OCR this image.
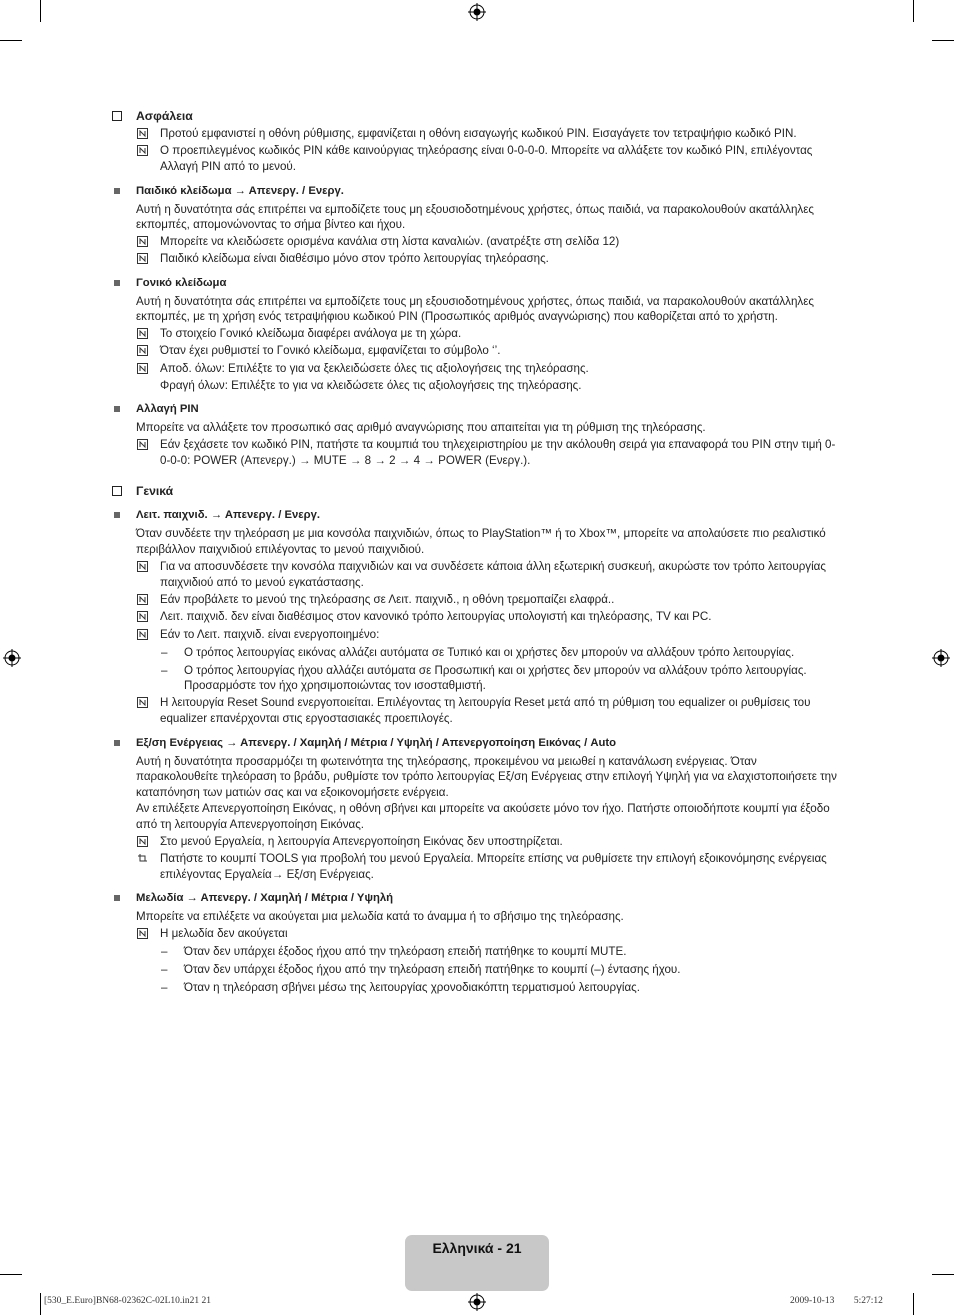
Ασφάλεια
Προτού εμφανιστεί η οθόνη ρύθμισης, εμφανίζεται η οθόνη εισαγωγής κωδικού PIN. Εισαγάγετε τον τετραψήφιο κωδικό PIN.
Ο προεπιλεγμένος κωδικός PIN κάθε καινούργιας τηλεόρασης είναι 0-0-0-0. Μπορείτε να αλλάξετε τον κωδικό PIN, επιλέγοντας Αλλαγή PIN από το μενού.
Παιδικό κλείδωμα → Απενεργ. / Ενεργ.
Αυτή η δυνατότητα σάς επιτρέπει να εμποδίζετε τους μη εξουσιοδοτημένους χρήστες, όπως παιδιά, να παρακολουθούν ακατάλληλες εκπομπές, απομονώνοντας το σήμα βίντεο και ήχου.
Μπορείτε να κλειδώσετε ορισμένα κανάλια στη λίστα καναλιών. (ανατρέξτε στη σελίδα 12)
Παιδικό κλείδωμα είναι διαθέσιμο μόνο στον τρόπο λειτουργίας τηλεόρασης.
Γονικό κλείδωμα
Αυτή η δυνατότητα σάς επιτρέπει να εμποδίζετε τους μη εξουσιοδοτημένους χρήστες, όπως παιδιά, να παρακολουθούν ακατάλληλες εκπομπές, με τη χρήση ενός τετραψήφιου κωδικού PIN (Προσωπικός αριθμός αναγνώρισης) που καθορίζεται από το χρήστη.
Το στοιχείο Γονικό κλείδωμα διαφέρει ανάλογα με τη χώρα.
Όταν έχει ρυθμιστεί το Γονικό κλείδωμα, εμφανίζεται το σύμβολο ‘’.
Αποδ. όλων: Επιλέξτε το για να ξεκλειδώσετε όλες τις αξιολογήσεις της τηλεόρασης.
Φραγή όλων: Επιλέξτε το για να κλειδώσετε όλες τις αξιολογήσεις της τηλεόρασης.
Αλλαγή PIN
Μπορείτε να αλλάξετε τον προσωπικό σας αριθμό αναγνώρισης που απαιτείται για τη ρύθμιση της τηλεόρασης.
Εάν ξεχάσετε τον κωδικό PIN, πατήστε τα κουμπιά του τηλεχειριστηρίου με την ακόλουθη σειρά για επαναφορά του PIN στην τιμή 0-0-0-0: POWER (Απενεργ.) → MUTE → 8 → 2 → 4 → POWER (Ενεργ.).
Γενικά
Λειτ. παιχνιδ. → Απενεργ. / Ενεργ.
Όταν συνδέετε την τηλεόραση με μια κονσόλα παιχνιδιών, όπως το PlayStation™ ή το Xbox™, μπορείτε να απολαύσετε πιο ρεαλιστικό περιβάλλον παιχνιδιού επιλέγοντας το μενού παιχνιδιού.
Για να αποσυνδέσετε την κονσόλα παιχνιδιών και να συνδέσετε κάποια άλλη εξωτερική συσκευή, ακυρώστε τον τρόπο λειτουργίας παιχνιδιού από το μενού εγκατάστασης.
Εάν προβάλετε το μενού της τηλεόρασης σε Λειτ. παιχνιδ., η οθόνη τρεμοπαίζει ελαφρά..
Λειτ. παιχνιδ. δεν είναι διαθέσιμος στον κανονικό τρόπο λειτουργίας υπολογιστή και τηλεόρασης, TV και PC.
Εάν το Λειτ. παιχνιδ. είναι ενεργοποιημένο:
– Ο τρόπος λειτουργίας εικόνας αλλάζει αυτόματα σε Τυπικό και οι χρήστες δεν μπορούν να αλλάξουν τρόπο λειτουργίας.
– Ο τρόπος λειτουργίας ήχου αλλάζει αυτόματα σε Προσωπική και οι χρήστες δεν μπορούν να αλλάξουν τρόπο λειτουργίας. Προσαρμόστε τον ήχο χρησιμοποιώντας τον ισοσταθμιστή.
Η λειτουργία Reset Sound ενεργοποιείται. Επιλέγοντας τη λειτουργία Reset μετά από τη ρύθμιση του equalizer οι ρυθμίσεις του equalizer επανέρχονται στις εργοστασιακές προεπιλογές.
Εξ/ση Ενέργειας → Απενεργ. / Χαμηλή / Μέτρια / Υψηλή / Απενεργοποίηση Εικόνας / Auto
Αυτή η δυνατότητα προσαρμόζει τη φωτεινότητα της τηλεόρασης, προκειμένου να μειωθεί η κατανάλωση ενέργειας. Όταν παρακολουθείτε τηλεόραση το βράδυ, ρυθμίστε τον τρόπο λειτουργίας Εξ/ση Ενέργειας στην επιλογή Υψηλή για να ελαχιστοποιήσετε την καταπόνηση των ματιών σας και να εξοικονομήσετε ενέργεια.
Αν επιλέξετε Απενεργοποίηση Εικόνας, η οθόνη σβήνει και μπορείτε να ακούσετε μόνο τον ήχο. Πατήστε οποιοδήποτε κουμπί για έξοδο από τη λειτουργία Απενεργοποίηση Εικόνας.
Στο μενού Εργαλεία, η λειτουργία Απενεργοποίηση Εικόνας δεν υποστηρίζεται.
Πατήστε το κουμπί TOOLS για προβολή του μενού Εργαλεία. Μπορείτε επίσης να ρυθμίσετε την επιλογή εξοικονόμησης ενέργειας επιλέγοντας Εργαλεία→ Εξ/ση Ενέργειας.
Μελωδία → Απενεργ. / Χαμηλή / Μέτρια / Υψηλή
Μπορείτε να επιλέξετε να ακούγεται μια μελωδία κατά το άναμμα ή το σβήσιμο της τηλεόρασης.
Η μελωδία δεν ακούγεται
– Όταν δεν υπάρχει έξοδος ήχου από την τηλεόραση επειδή πατήθηκε το κουμπί MUTE.
– Όταν δεν υπάρχει έξοδος ήχου από την τηλεόραση επειδή πατήθηκε το κουμπί (–) έντασης ήχου.
– Όταν η τηλεόραση σβήνει μέσω της λειτουργίας χρονοδιακόπτη τερματισμού λειτουργίας.
Ελληνικά - 21
[530_E.Euro]BN68-02362C-02L10.in21 21	2009-10-13 ￿￿ 5:27:12
